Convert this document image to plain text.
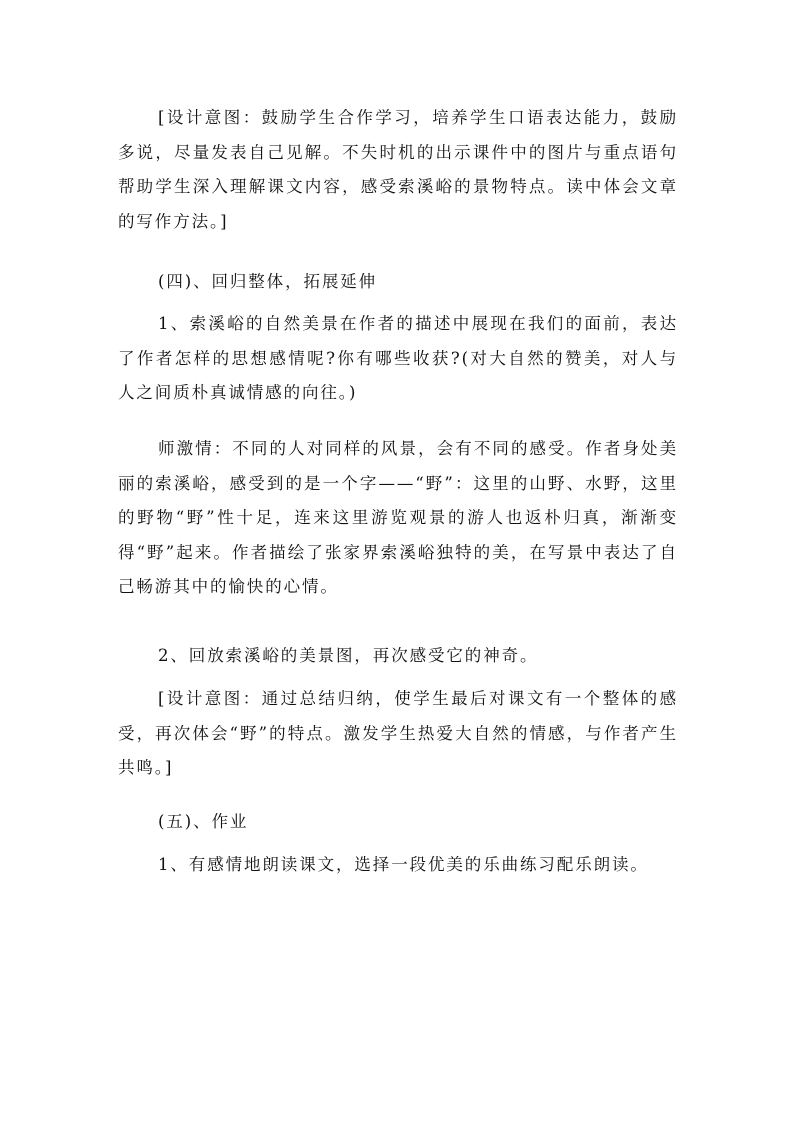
[设计意图：鼓励学生合作学习，培养学生口语表达能力，鼓励多说，尽量发表自己见解。不失时机的出示课件中的图片与重点语句帮助学生深入理解课文内容，感受索溪峪的景物特点。读中体会文章的写作方法。]

(四)、回归整体，拓展延伸

1、索溪峪的自然美景在作者的描述中展现在我们的面前，表达了作者怎样的思想感情呢?你有哪些收获?(对大自然的赞美，对人与人之间质朴真诚情感的向往。)

师激情：不同的人对同样的风景，会有不同的感受。作者身处美丽的索溪峪，感受到的是一个字——“野”：这里的山野、水野，这里的野物“野”性十足，连来这里游览观景的游人也返朴归真，渐渐变得“野”起来。作者描绘了张家界索溪峪独特的美，在写景中表达了自己畅游其中的愉快的心情。

2、回放索溪峪的美景图，再次感受它的神奇。

[设计意图：通过总结归纳，使学生最后对课文有一个整体的感受，再次体会“野”的特点。激发学生热爱大自然的情感，与作者产生共鸣。]

(五)、作业

1、有感情地朗读课文，选择一段优美的乐曲练习配乐朗读。
